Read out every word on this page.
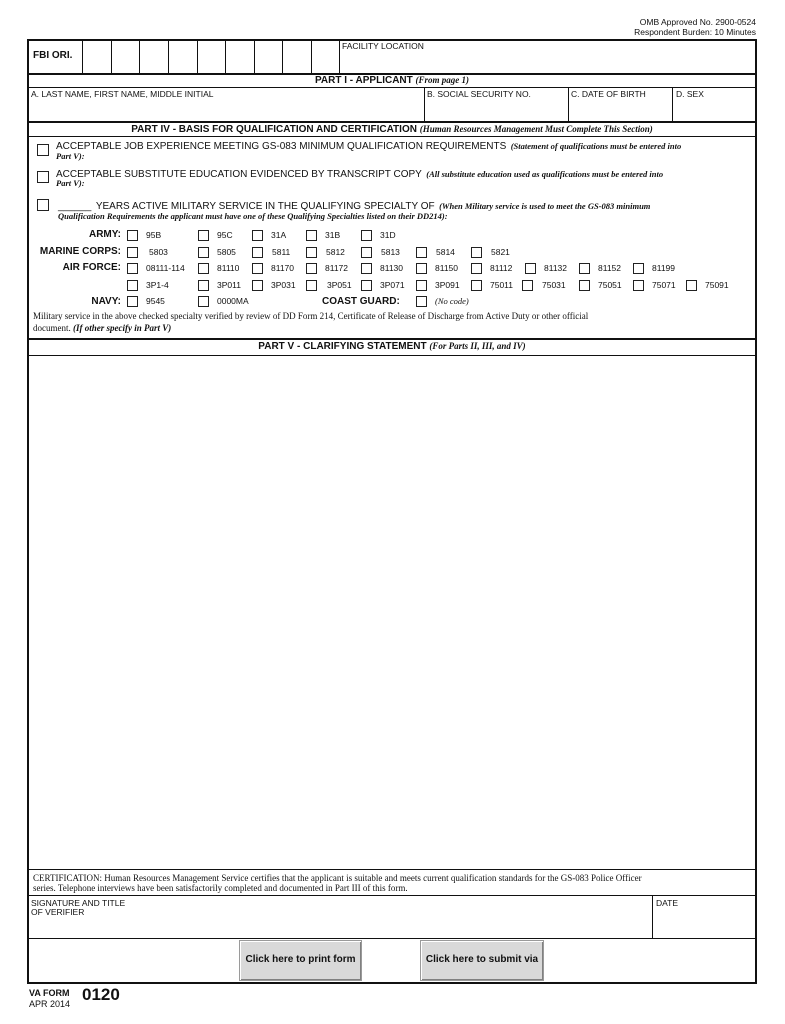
OMB Approved No. 2900-0524
Respondent Burden: 10 Minutes
FBI ORI.
FACILITY LOCATION
PART I - APPLICANT (From page 1)
A. LAST NAME, FIRST NAME, MIDDLE INITIAL	B. SOCIAL SECURITY NO.	C. DATE OF BIRTH	D. SEX
PART IV - BASIS FOR QUALIFICATION AND CERTIFICATION (Human Resources Management Must Complete This Section)
ACCEPTABLE JOB EXPERIENCE MEETING GS-083 MINIMUM QUALIFICATION REQUIREMENTS (Statement of qualifications must be entered into
Part V):
ACCEPTABLE SUBSTITUTE EDUCATION EVIDENCED BY TRANSCRIPT COPY (All substitute education used as qualifications must be entered into
Part V):
______ YEARS ACTIVE MILITARY SERVICE IN THE QUALIFYING SPECIALTY OF (When Military service is used to meet the GS-083 minimum
Qualification Requirements the applicant must have one of these Qualifying Specialties listed on their DD214):
ARMY:	95B	95C	31A	31B	31D
MARINE CORPS:	5803	5805	5811	5812	5813	5814	5821
AIR FORCE:	08111-114	81110	81170	81172	81130	81150	81112	81132	81152	81199
3P1-4	3P011	3P031	3P051	3P071	3P091	75011	75031	75051	75071	75091
NAVY:	9545	0000MA	COAST GUARD:	(No code)
Military service in the above checked specialty verified by review of DD Form 214, Certificate of Release of Discharge from Active Duty or other official
document. (If other specify in Part V)
PART V - CLARIFYING STATEMENT (For Parts II, III, and IV)
CERTIFICATION: Human Resources Management Service certifies that the applicant is suitable and meets current qualification standards for the GS-083 Police Officer
series. Telephone interviews have been satisfactorily completed and documented in Part III of this form.
SIGNATURE AND TITLE
OF VERIFIER
DATE
Click here to print form	Click here to submit via
VA FORM
APR 2014 0120
